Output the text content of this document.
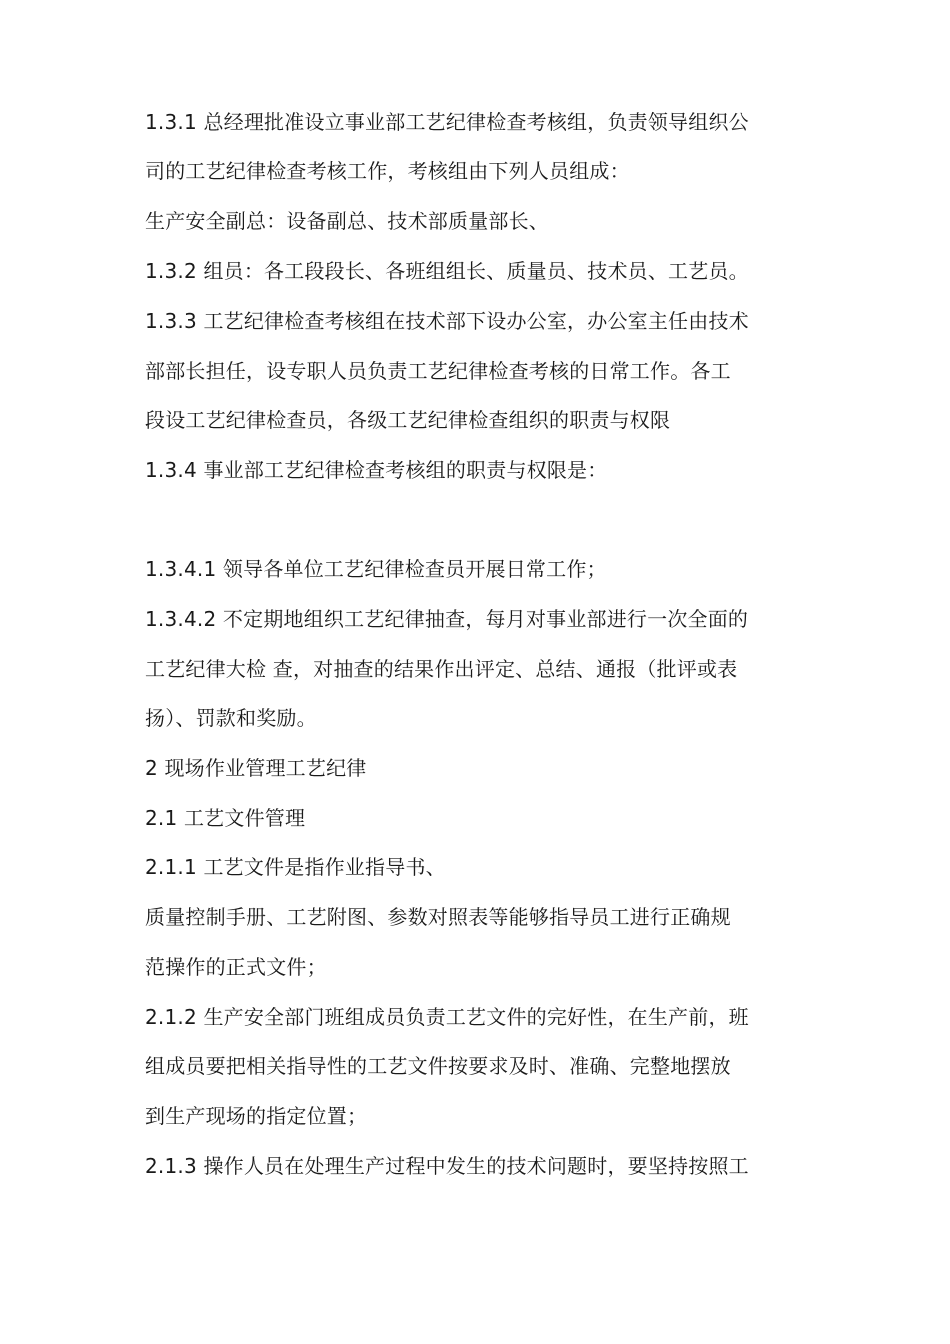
1.3.1 总经理批准设立事业部工艺纪律检查考核组，负责领导组织公
司的工艺纪律检查考核工作，考核组由下列人员组成：
生产安全副总：设备副总、技术部质量部长、
1.3.2 组员：各工段段长、各班组组长、质量员、技术员、工艺员。
1.3.3 工艺纪律检查考核组在技术部下设办公室，办公室主任由技术
部部长担任，设专职人员负责工艺纪律检查考核的日常工作。各工
段设工艺纪律检查员，各级工艺纪律检查组织的职责与权限
1.3.4 事业部工艺纪律检查考核组的职责与权限是：
1.3.4.1 领导各单位工艺纪律检查员开展日常工作；
1.3.4.2 不定期地组织工艺纪律抽查，每月对事业部进行一次全面的
工艺纪律大检 查，对抽查的结果作出评定、总结、通报（批评或表
扬）、罚款和奖励。
2 现场作业管理工艺纪律
2.1 工艺文件管理
2.1.1 工艺文件是指作业指导书、
质量控制手册、工艺附图、参数对照表等能够指导员工进行正确规
范操作的正式文件；
2.1.2 生产安全部门班组成员负责工艺文件的完好性，在生产前，班
组成员要把相关指导性的工艺文件按要求及时、准确、完整地摆放
到生产现场的指定位置；
2.1.3 操作人员在处理生产过程中发生的技术问题时，要坚持按照工
